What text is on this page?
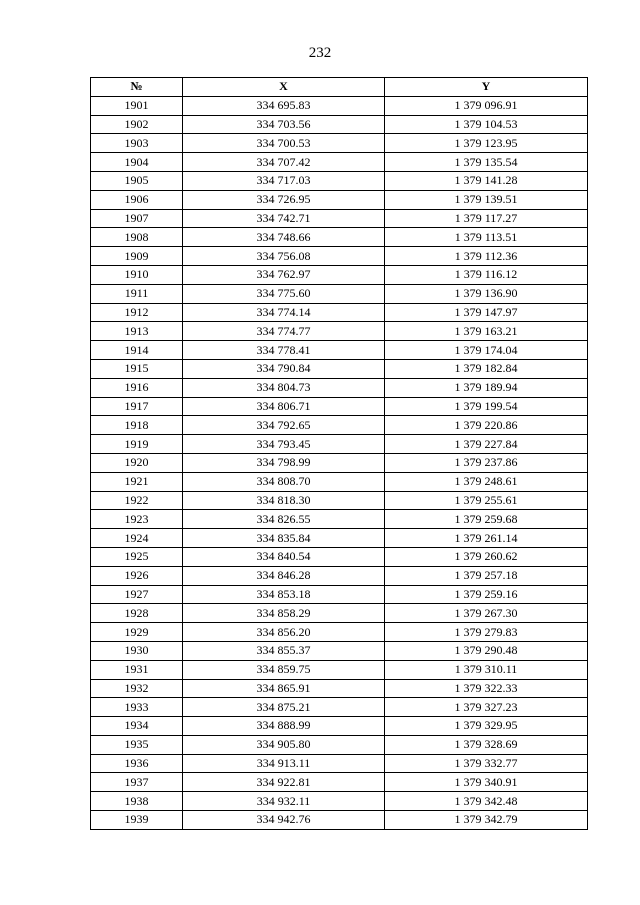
232
№	X	Y
1901	334 695.83	1 379 096.91
1902	334 703.56	1 379 104.53
1903	334 700.53	1 379 123.95
1904	334 707.42	1 379 135.54
1905	334 717.03	1 379 141.28
1906	334 726.95	1 379 139.51
1907	334 742.71	1 379 117.27
1908	334 748.66	1 379 113.51
1909	334 756.08	1 379 112.36
1910	334 762.97	1 379 116.12
1911	334 775.60	1 379 136.90
1912	334 774.14	1 379 147.97
1913	334 774.77	1 379 163.21
1914	334 778.41	1 379 174.04
1915	334 790.84	1 379 182.84
1916	334 804.73	1 379 189.94
1917	334 806.71	1 379 199.54
1918	334 792.65	1 379 220.86
1919	334 793.45	1 379 227.84
1920	334 798.99	1 379 237.86
1921	334 808.70	1 379 248.61
1922	334 818.30	1 379 255.61
1923	334 826.55	1 379 259.68
1924	334 835.84	1 379 261.14
1925	334 840.54	1 379 260.62
1926	334 846.28	1 379 257.18
1927	334 853.18	1 379 259.16
1928	334 858.29	1 379 267.30
1929	334 856.20	1 379 279.83
1930	334 855.37	1 379 290.48
1931	334 859.75	1 379 310.11
1932	334 865.91	1 379 322.33
1933	334 875.21	1 379 327.23
1934	334 888.99	1 379 329.95
1935	334 905.80	1 379 328.69
1936	334 913.11	1 379 332.77
1937	334 922.81	1 379 340.91
1938	334 932.11	1 379 342.48
1939	334 942.76	1 379 342.79
